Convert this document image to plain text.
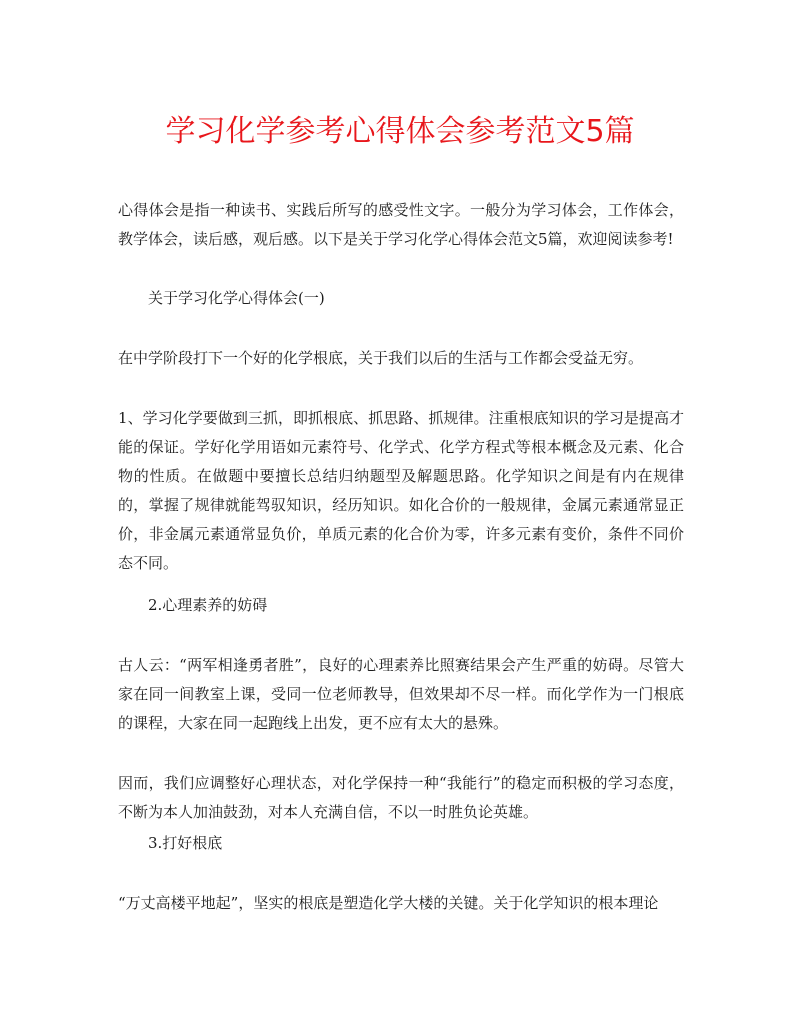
学习化学参考心得体会参考范文5篇

心得体会是指一种读书、实践后所写的感受性文字。一般分为学习体会，工作体会，教学体会，读后感，观后感。以下是关于学习化学心得体会范文5篇，欢迎阅读参考!

关于学习化学心得体会(一)

在中学阶段打下一个好的化学根底，关于我们以后的生活与工作都会受益无穷。

1、学习化学要做到三抓，即抓根底、抓思路、抓规律。注重根底知识的学习是提高才能的保证。学好化学用语如元素符号、化学式、化学方程式等根本概念及元素、化合物的性质。在做题中要擅长总结归纳题型及解题思路。化学知识之间是有内在规律的，掌握了规律就能驾驭知识，经历知识。如化合价的一般规律，金属元素通常显正价，非金属元素通常显负价，单质元素的化合价为零，许多元素有变价，条件不同价态不同。

2.心理素养的妨碍

古人云：“两军相逢勇者胜”，良好的心理素养比照赛结果会产生严重的妨碍。尽管大家在同一间教室上课，受同一位老师教导，但效果却不尽一样。而化学作为一门根底的课程，大家在同一起跑线上出发，更不应有太大的悬殊。

因而，我们应调整好心理状态，对化学保持一种“我能行”的稳定而积极的学习态度，不断为本人加油鼓劲，对本人充满自信，不以一时胜负论英雄。

3.打好根底

“万丈高楼平地起”，坚实的根底是塑造化学大楼的关键。关于化学知识的根本理论
